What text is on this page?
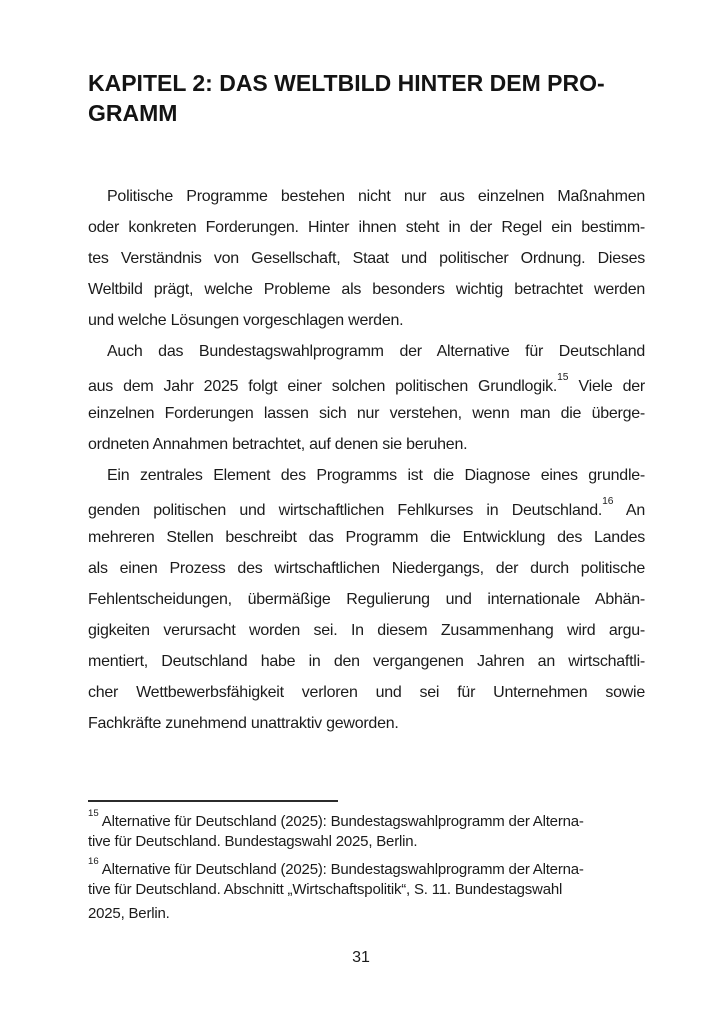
KAPITEL 2: DAS WELTBILD HINTER DEM PRO-
GRAMM
Politische Programme bestehen nicht nur aus einzelnen Maßnahmen
oder konkreten Forderungen. Hinter ihnen steht in der Regel ein bestimm-
tes Verständnis von Gesellschaft, Staat und politischer Ordnung. Dieses
Weltbild prägt, welche Probleme als besonders wichtig betrachtet werden
und welche Lösungen vorgeschlagen werden.
Auch das Bundestagswahlprogramm der Alternative für Deutschland
aus dem Jahr 2025 folgt einer solchen politischen Grundlogik.$^{15}$ Viele der
einzelnen Forderungen lassen sich nur verstehen, wenn man die überge-
ordneten Annahmen betrachtet, auf denen sie beruhen.
Ein zentrales Element des Programms ist die Diagnose eines grundle-
genden politischen und wirtschaftlichen Fehlkurses in Deutschland.$^{16}$ An
mehreren Stellen beschreibt das Programm die Entwicklung des Landes
als einen Prozess des wirtschaftlichen Niedergangs, der durch politische
Fehlentscheidungen, übermäßige Regulierung und internationale Abhän-
gigkeiten verursacht worden sei. In diesem Zusammenhang wird argu-
mentiert, Deutschland habe in den vergangenen Jahren an wirtschaftli-
cher Wettbewerbsfähigkeit verloren und sei für Unternehmen sowie
Fachkräfte zunehmend unattraktiv geworden.
$^{15}$ Alternative für Deutschland (2025): Bundestagswahlprogramm der Alterna-
tive für Deutschland. Bundestagswahl 2025, Berlin.
$^{16}$ Alternative für Deutschland (2025): Bundestagswahlprogramm der Alterna-
tive für Deutschland. Abschnitt „Wirtschaftspolitik“, S. 11. Bundestagswahl
2025, Berlin.
31
